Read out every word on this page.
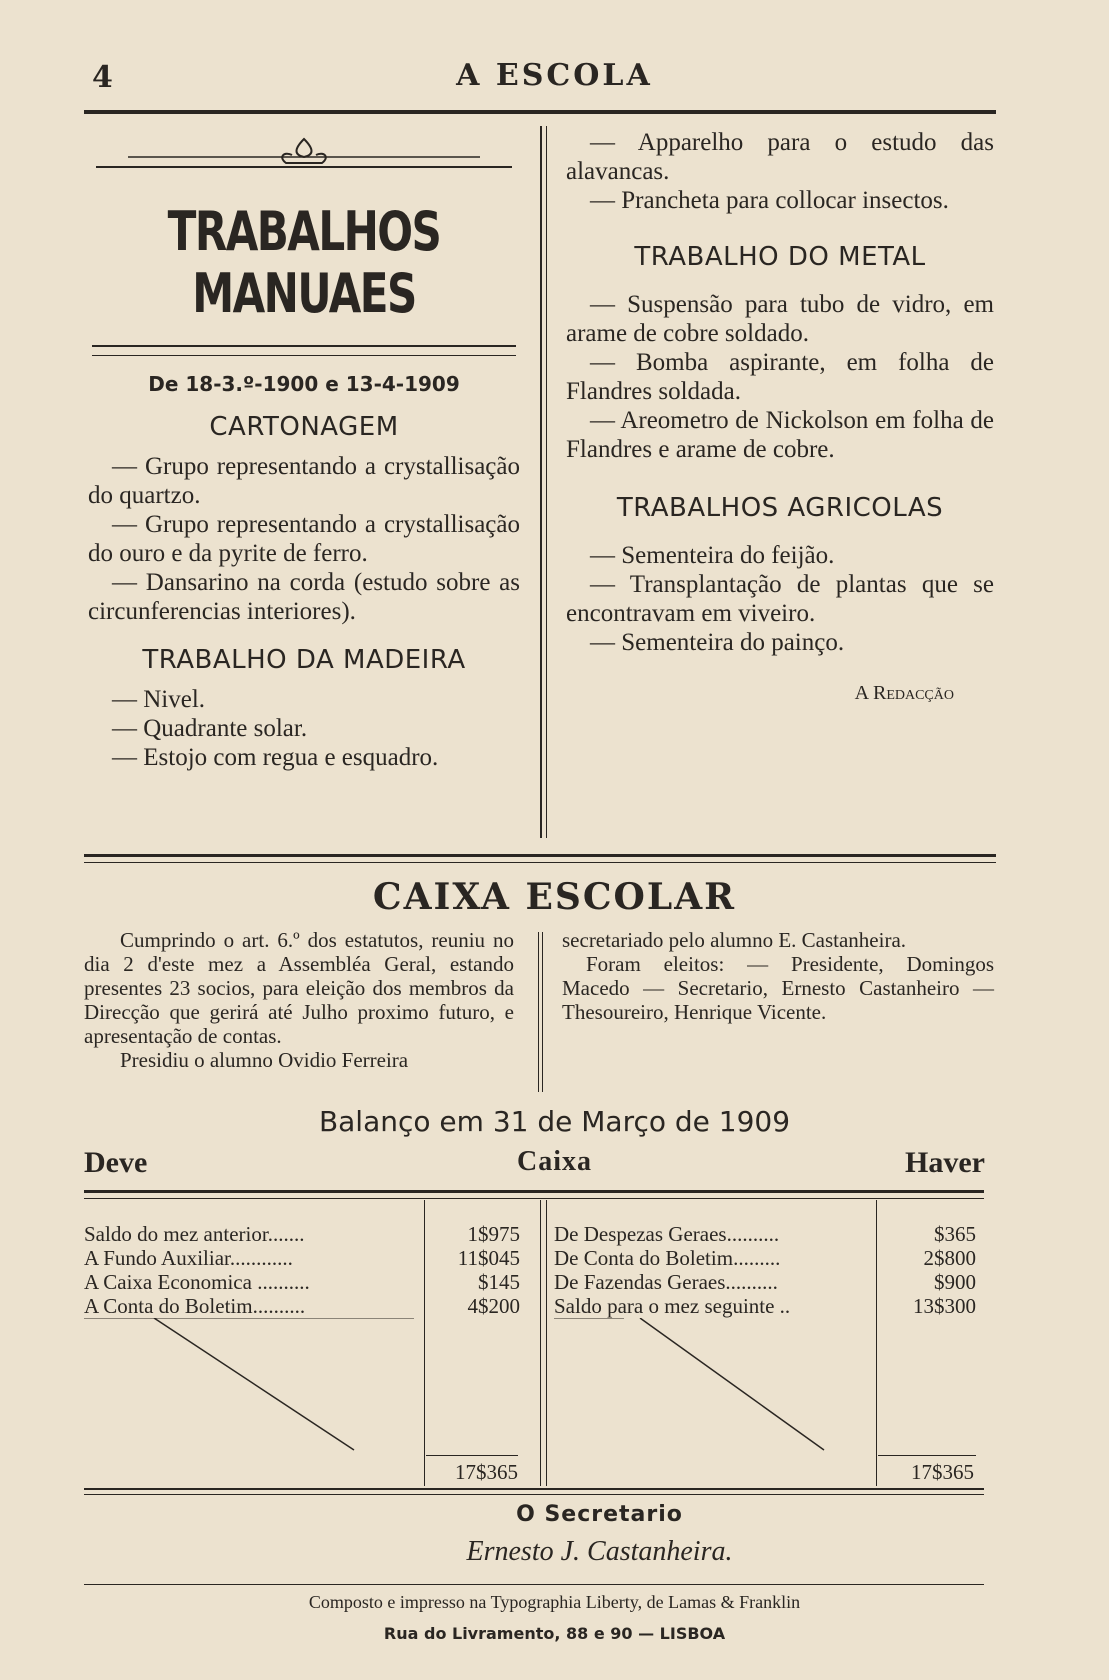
4	A ESCOLA
TRABALHOS MANUAES
De 18-3.º-1900 e 13-4-1909

CARTONAGEM

— Grupo representando a crystallisação do quartzo.

— Grupo representando a crystallisação do ouro e da pyrite de ferro.

— Dansarino na corda (estudo sobre as circunferencias interiores).

TRABALHO DA MADEIRA

— Nivel.

— Quadrante solar.

— Estojo com regua e esquadro.

— Apparelho para o estudo das alavancas.

— Prancheta para collocar insectos.

TRABALHO DO METAL

— Suspensão para tubo de vidro, em arame de cobre soldado.

— Bomba aspirante, em folha de Flandres soldada.

— Areometro de Nickolson em folha de Flandres e arame de cobre.

TRABALHOS AGRICOLAS

— Sementeira do feijão.

— Transplantação de plantas que se encontravam em viveiro.

— Sementeira do painço.

A Redacção
CAIXA ESCOLAR

Cumprindo o art. 6.º dos estatutos, reuniu no dia 2 d'este mez a Assembléa Geral, estando presentes 23 socios, para eleição dos membros da Direcção que gerirá até Julho proximo futuro, e apresentação de contas.

Presidiu o alumno Ovidio Ferreira

secretariado pelo alumno E. Castanheira.

Foram eleitos: — Presidente, Domingos Macedo — Secretario, Ernesto Castanheiro — Thesoureiro, Henrique Vicente.

Balanço em 31 de Março de 1909
Deve	Caixa	Haver
Saldo do mez anterior.......	1$975
A Fundo Auxiliar............	11$045
A Caixa Economica ..........	$145
A Conta do Boletim..........	4$200
De Despezas Geraes..........	$365
De Conta do Boletim.........	2$800
De Fazendas Geraes..........	$900
Saldo para o mez seguinte ..	13$300
17$365	17$365
O Secretario
Ernesto J. Castanheira.
Composto e impresso na Typographia Liberty, de Lamas & Franklin
Rua do Livramento, 88 e 90 — LISBOA
